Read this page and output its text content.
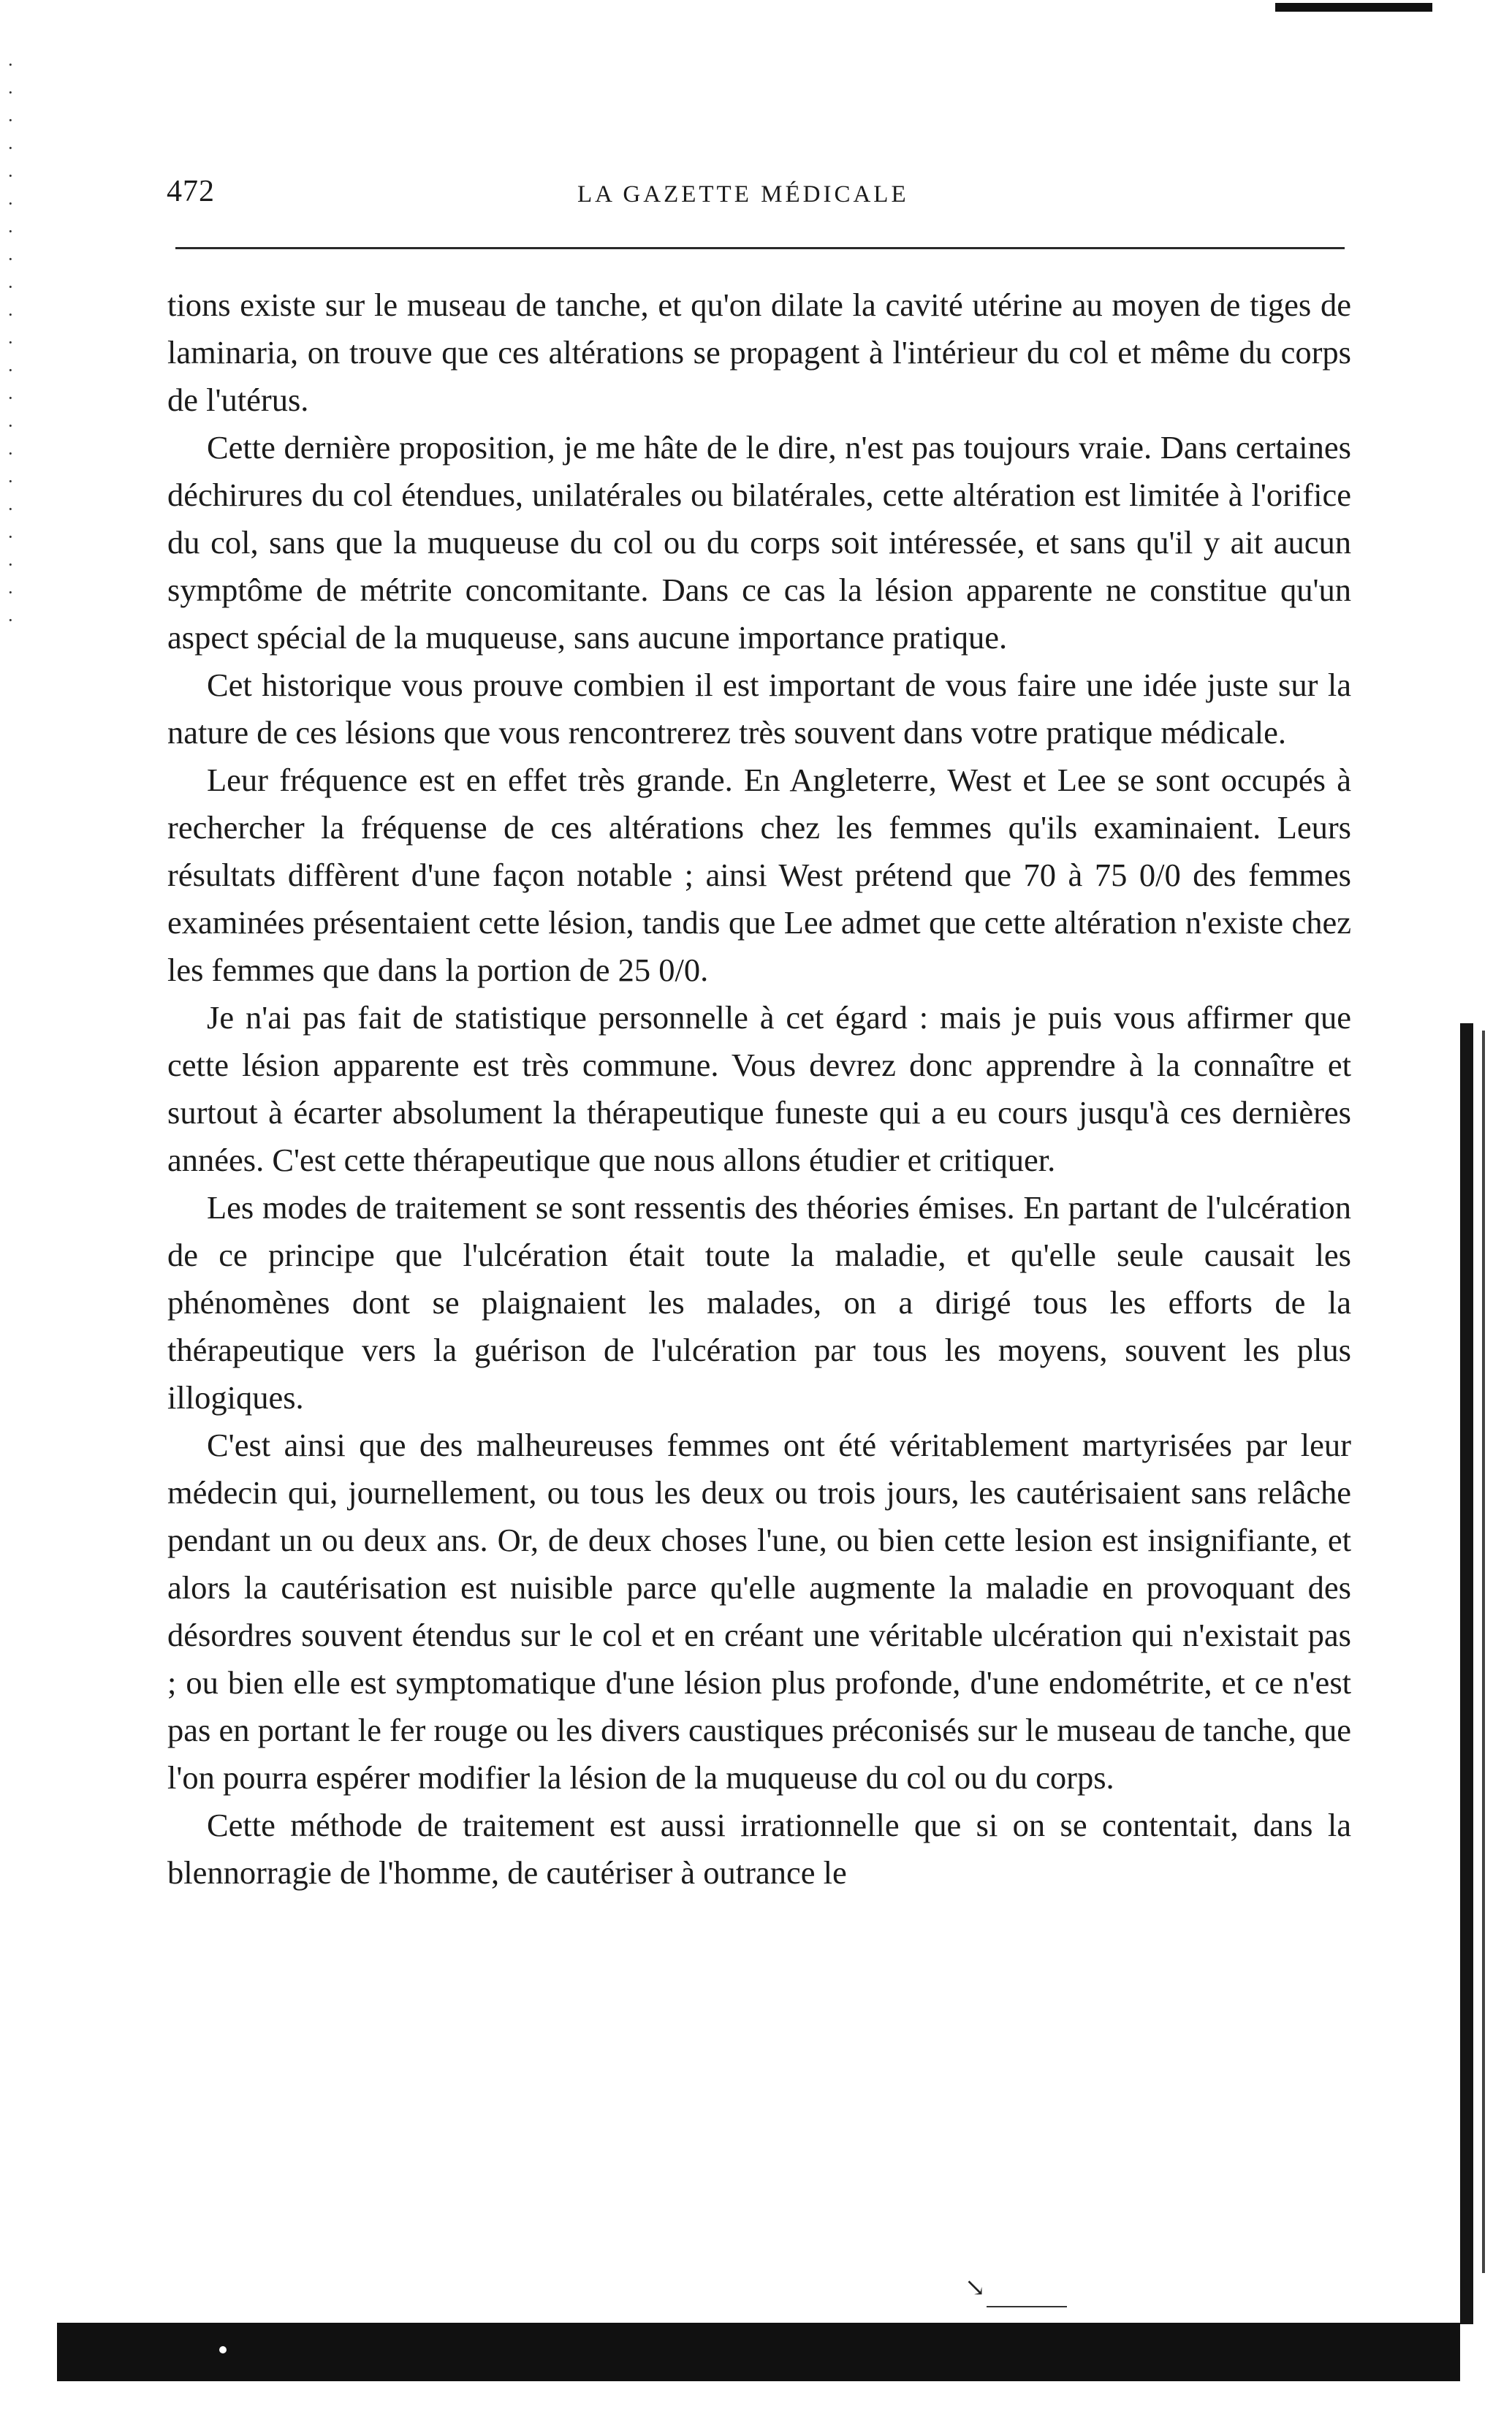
·
·
·
·
·
·
·
·
·
·
·
·
·
·
·
·
·
·
·
·
·
472	LA GAZETTE MÉDICALE

tions existe sur le museau de tanche, et qu'on dilate la cavité utérine au moyen de tiges de laminaria, on trouve que ces altérations se propagent à l'intérieur du col et même du corps de l'utérus.

Cette dernière proposition, je me hâte de le dire, n'est pas toujours vraie. Dans certaines déchirures du col étendues, unilatérales ou bilatérales, cette altération est limitée à l'orifice du col, sans que la muqueuse du col ou du corps soit intéressée, et sans qu'il y ait aucun symptôme de métrite concomitante. Dans ce cas la lésion apparente ne constitue qu'un aspect spécial de la muqueuse, sans aucune importance pratique.

Cet historique vous prouve combien il est important de vous faire une idée juste sur la nature de ces lésions que vous rencontrerez très souvent dans votre pratique médicale.

Leur fréquence est en effet très grande. En Angleterre, West et Lee se sont occupés à rechercher la fréquense de ces altérations chez les femmes qu'ils examinaient. Leurs résultats diffèrent d'une façon notable ; ainsi West prétend que 70 à 75 0/0 des femmes examinées présentaient cette lésion, tandis que Lee admet que cette altération n'existe chez les femmes que dans la portion de 25 0/0.

Je n'ai pas fait de statistique personnelle à cet égard : mais je puis vous affirmer que cette lésion apparente est très commune. Vous devrez donc apprendre à la connaître et surtout à écarter absolument la thérapeutique funeste qui a eu cours jusqu'à ces dernières années. C'est cette thérapeutique que nous allons étudier et critiquer.

Les modes de traitement se sont ressentis des théories émises. En partant de l'ulcération de ce principe que l'ulcération était toute la maladie, et qu'elle seule causait les phénomènes dont se plaignaient les malades, on a dirigé tous les efforts de la thérapeutique vers la guérison de l'ulcération par tous les moyens, souvent les plus illogiques.

C'est ainsi que des malheureuses femmes ont été véritablement martyrisées par leur médecin qui, journellement, ou tous les deux ou trois jours, les cautérisaient sans relâche pendant un ou deux ans. Or, de deux choses l'une, ou bien cette lesion est insignifiante, et alors la cautérisation est nuisible parce qu'elle augmente la maladie en provoquant des désordres souvent étendus sur le col et en créant une véritable ulcération qui n'existait pas ; ou bien elle est symptomatique d'une lésion plus profonde, d'une endométrite, et ce n'est pas en portant le fer rouge ou les divers caustiques préconisés sur le museau de tanche, que l'on pourra espérer modifier la lésion de la muqueuse du col ou du corps.

Cette méthode de traitement est aussi irrationnelle que si on se contentait, dans la blennorragie de l'homme, de cautériser à outrance le

↘
